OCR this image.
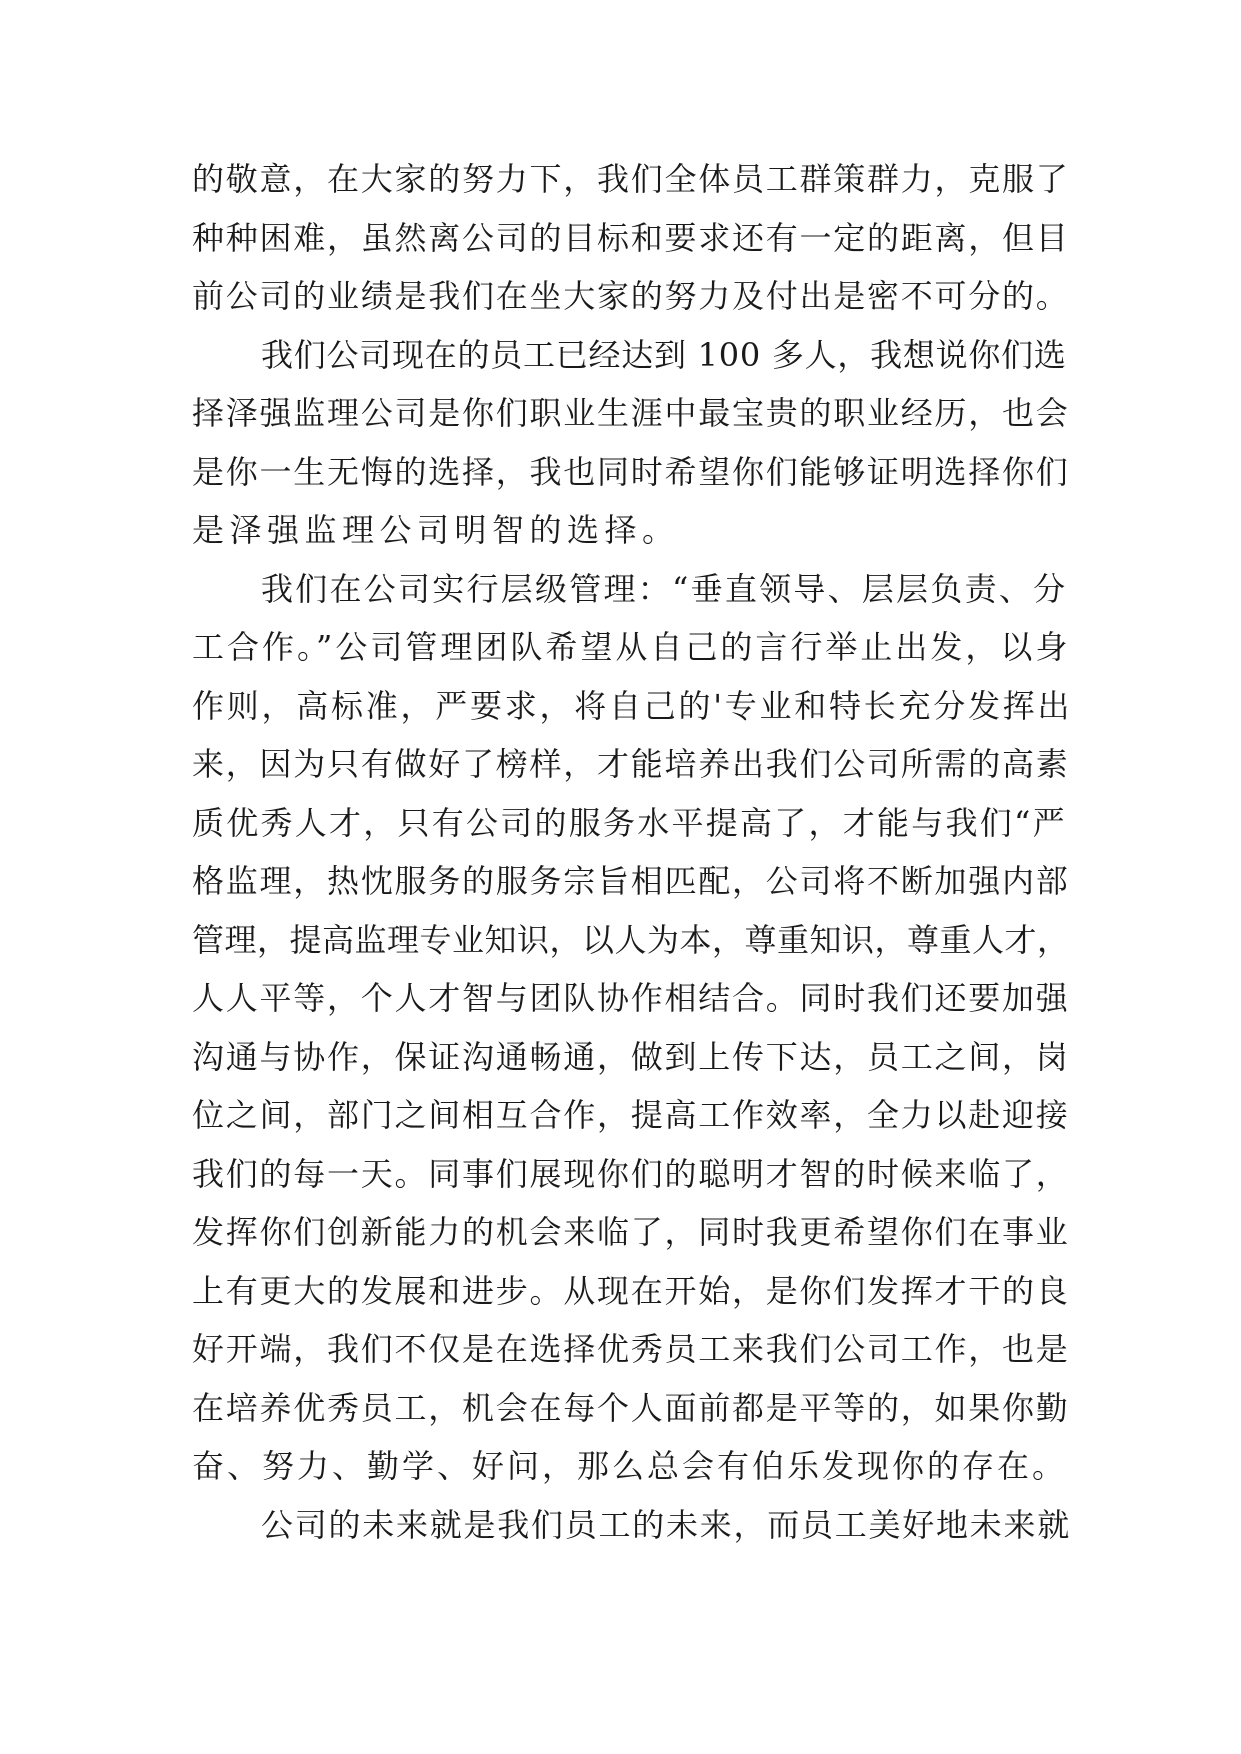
的敬意，在大家的努力下，我们全体员工群策群力，克服了
种种困难，虽然离公司的目标和要求还有一定的距离，但目
前公司的业绩是我们在坐大家的努力及付出是密不可分的。
我们公司现在的员工已经达到 100 多人，我想说你们选
择泽强监理公司是你们职业生涯中最宝贵的职业经历，也会
是你一生无悔的选择，我也同时希望你们能够证明选择你们
是泽强监理公司明智的选择。
我们在公司实行层级管理：“垂直领导、层层负责、分
工合作。”公司管理团队希望从自己的言行举止出发，以身
作则，高标准，严要求，将自己的'专业和特长充分发挥出
来，因为只有做好了榜样，才能培养出我们公司所需的高素
质优秀人才，只有公司的服务水平提高了，才能与我们“严
格监理，热忱服务的服务宗旨相匹配，公司将不断加强内部
管理，提高监理专业知识，以人为本，尊重知识，尊重人才，
人人平等，个人才智与团队协作相结合。同时我们还要加强
沟通与协作，保证沟通畅通，做到上传下达，员工之间，岗
位之间，部门之间相互合作，提高工作效率，全力以赴迎接
我们的每一天。同事们展现你们的聪明才智的时候来临了，
发挥你们创新能力的机会来临了，同时我更希望你们在事业
上有更大的发展和进步。从现在开始，是你们发挥才干的良
好开端，我们不仅是在选择优秀员工来我们公司工作，也是
在培养优秀员工，机会在每个人面前都是平等的，如果你勤
奋、努力、勤学、好问，那么总会有伯乐发现你的存在。
公司的未来就是我们员工的未来，而员工美好地未来就
